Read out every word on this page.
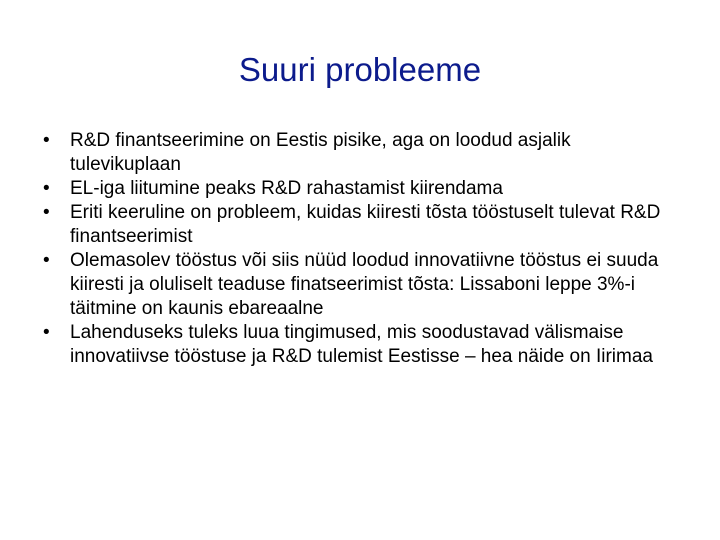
Suuri probleeme
• R&D finantseerimine on Eestis pisike, aga on loodud asjalik tulevikuplaan
• EL-iga liitumine peaks R&D rahastamist kiirendama
• Eriti keeruline on probleem, kuidas kiiresti tõsta tööstuselt tulevat R&D finantseerimist
• Olemasolev tööstus või siis nüüd loodud innovatiivne tööstus ei suuda kiiresti ja oluliselt teaduse finatseerimist tõsta: Lissaboni leppe 3%-i täitmine on kaunis ebareaalne
• Lahenduseks tuleks luua tingimused, mis soodustavad välismaise innovatiivse tööstuse ja R&D tulemist Eestisse – hea näide on Iirimaa
